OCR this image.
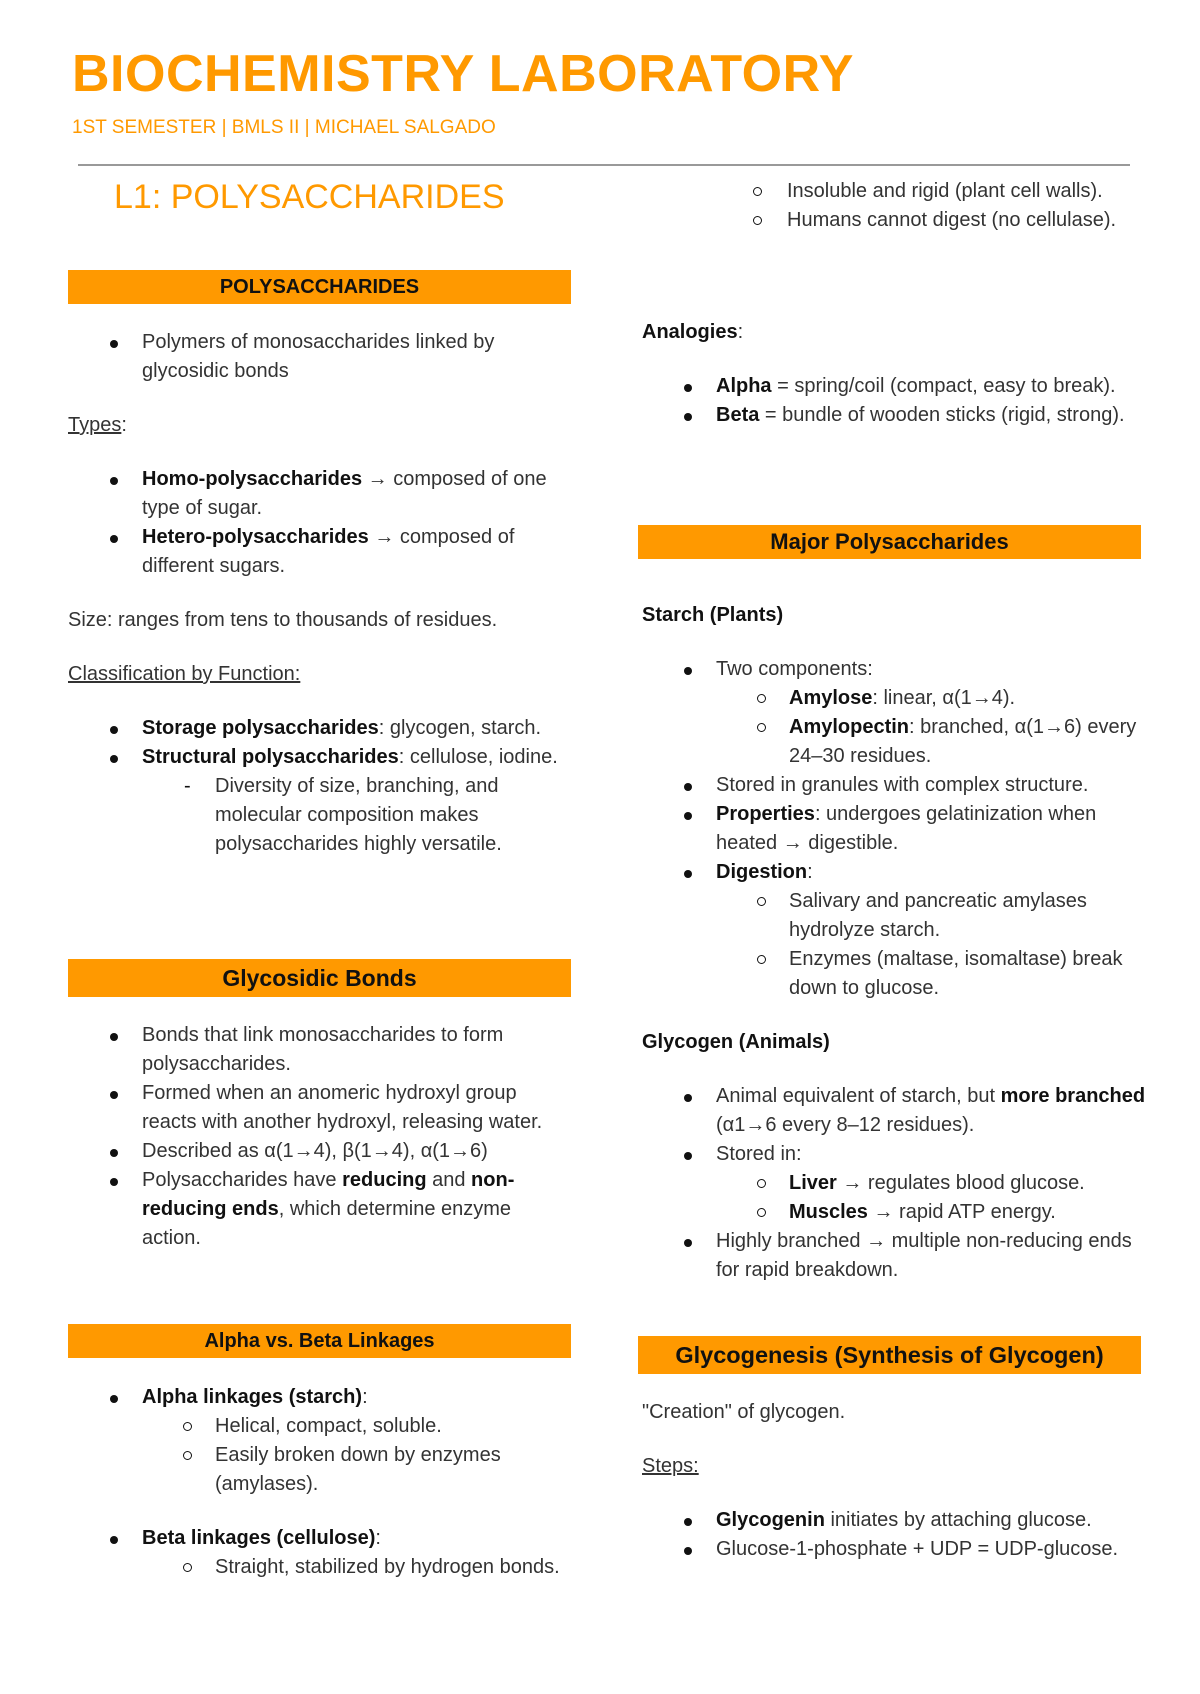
BIOCHEMISTRY LABORATORY
1ST SEMESTER | BMLS II | MICHAEL SALGADO
L1: POLYSACCHARIDES
POLYSACCHARIDES
Polymers of monosaccharides linked by glycosidic bonds

Types:

Homo-polysaccharides → composed of one type of sugar.
Hetero-polysaccharides → composed of different sugars.

Size: ranges from tens to thousands of residues.

Classification by Function:

Storage polysaccharides: glycogen, starch.
Structural polysaccharides: cellulose, iodine.
- Diversity of size, branching, and molecular composition makes polysaccharides highly versatile.
Glycosidic Bonds
Bonds that link monosaccharides to form polysaccharides.
Formed when an anomeric hydroxyl group reacts with another hydroxyl, releasing water.
Described as α(1→4), β(1→4), α(1→6)
Polysaccharides have reducing and non-reducing ends, which determine enzyme action.
Alpha vs. Beta Linkages
Alpha linkages (starch):
Helical, compact, soluble.
Easily broken down by enzymes (amylases).
Beta linkages (cellulose):
Straight, stabilized by hydrogen bonds.
Insoluble and rigid (plant cell walls).
Humans cannot digest (no cellulase).

Analogies:

Alpha = spring/coil (compact, easy to break).
Beta = bundle of wooden sticks (rigid, strong).
Major Polysaccharides

Starch (Plants)

Two components:
Amylose: linear, α(1→4).
Amylopectin: branched, α(1→6) every 24–30 residues.
Stored in granules with complex structure.
Properties: undergoes gelatinization when heated → digestible.
Digestion:
Salivary and pancreatic amylases hydrolyze starch.
Enzymes (maltase, isomaltase) break down to glucose.

Glycogen (Animals)

Animal equivalent of starch, but more branched (α1→6 every 8–12 residues).
Stored in:
Liver → regulates blood glucose.
Muscles → rapid ATP energy.
Highly branched → multiple non-reducing ends for rapid breakdown.
Glycogenesis (Synthesis of Glycogen)

"Creation" of glycogen.

Steps:

Glycogenin initiates by attaching glucose.
Glucose-1-phosphate + UDP = UDP-glucose.
